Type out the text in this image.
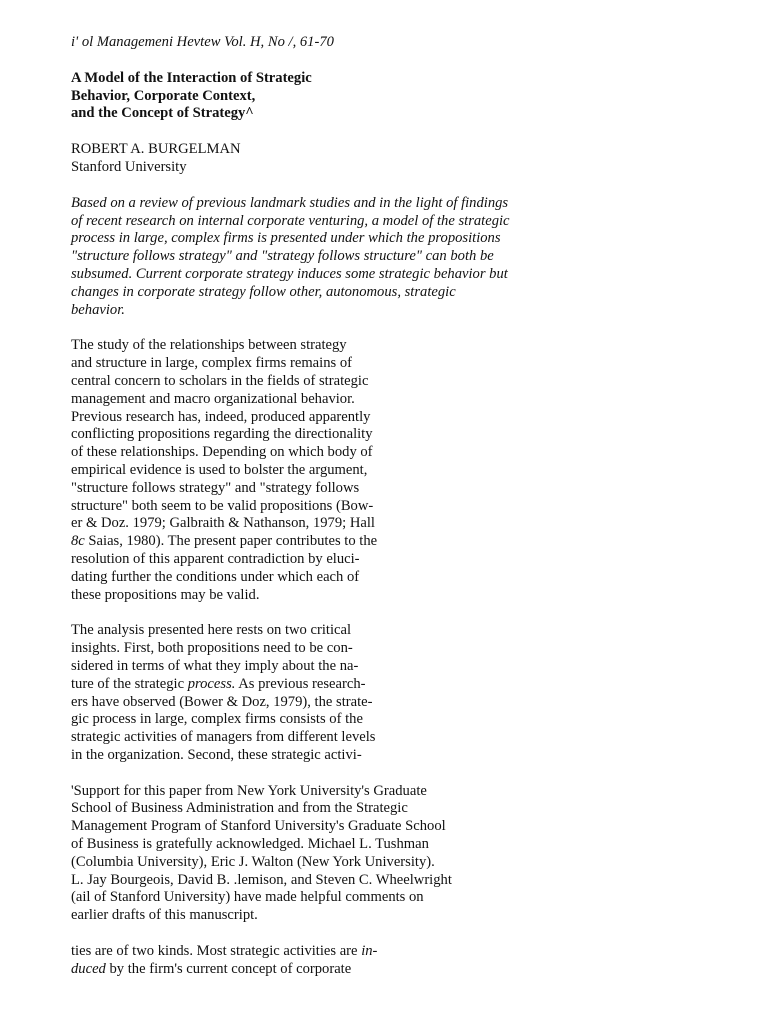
i' ol Managemeni Hevtew Vol. H, No /, 61-70
A Model of the Interaction of Strategic
Behavior, Corporate Context,
and the Concept of Strategy^
ROBERT A. BURGELMAN
Stanford University
Based on a review of previous landmark studies and in the light of findings
of recent research on internal corporate venturing, a model of the strategic
process in large, complex firms is presented under which the propositions
"structure follows strategy" and "strategy follows structure" can both be
subsumed. Current corporate strategy induces some strategic behavior but
changes in corporate strategy follow other, autonomous, strategic
behavior.
The study of the relationships between strategy
and structure in large, complex firms remains of
central concern to scholars in the fields of strategic
management and macro organizational behavior.
Previous research has, indeed, produced apparently
conflicting propositions regarding the directionality
of these relationships. Depending on which body of
empirical evidence is used to bolster the argument,
"structure follows strategy" and "strategy follows
structure" both seem to be valid propositions (Bow-
er & Doz. 1979; Galbraith & Nathanson, 1979; Hall
8c Saias, 1980). The present paper contributes to the
resolution of this apparent contradiction by eluci-
dating further the conditions under which each of
these propositions may be valid.
The analysis presented here rests on two critical
insights. First, both propositions need to be con-
sidered in terms of what they imply about the na-
ture of the strategic process. As previous research-
ers have observed (Bower & Doz, 1979), the strate-
gic process in large, complex firms consists of the
strategic activities of managers from different levels
in the organization. Second, these strategic activi-
'Support for this paper from New York University's Graduate
School of Business Administration and from the Strategic
Management Program of Stanford University's Graduate School
of Business is gratefully acknowledged. Michael L. Tushman
(Columbia University), Eric J. Walton (New York University).
L. Jay Bourgeois, David B. .lemison, and Steven C. Wheelwright
(ail of Stanford University) have made helpful comments on
earlier drafts of this manuscript.
ties are of two kinds. Most strategic activities are in-
duced by the firm's current concept of corporate
